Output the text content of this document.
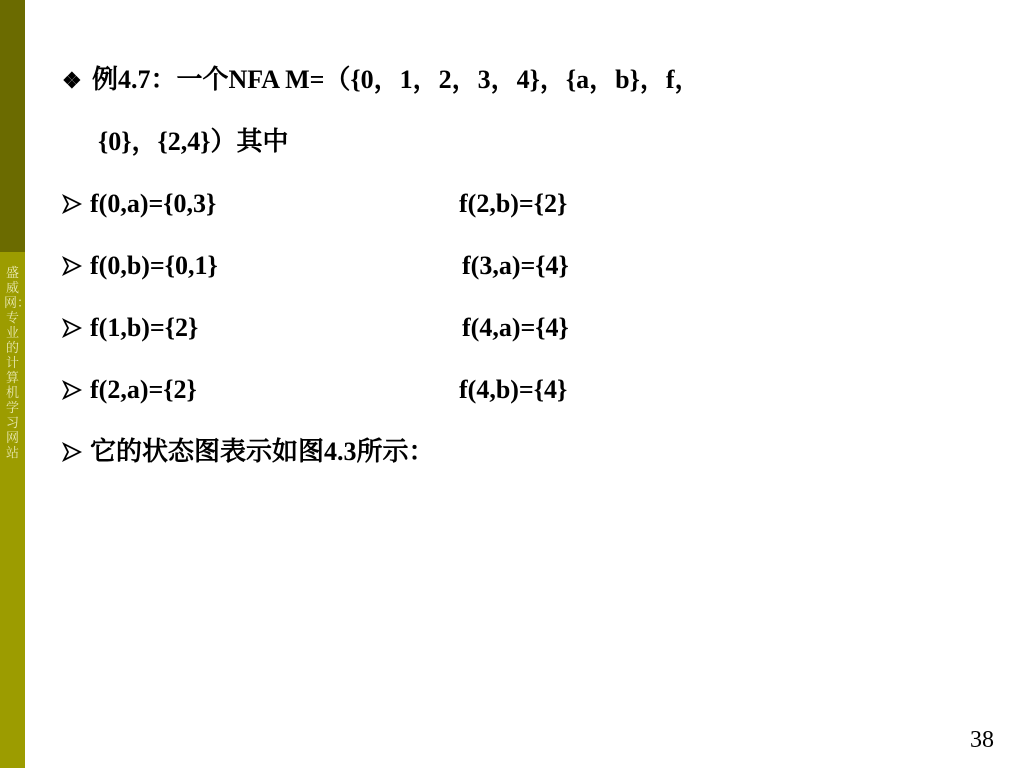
盛威网：专业的计算机学习网站
❖ 例4.7：一个NFA M=（{0，1，2，3，4}，{a，b}，f，
{0}，{2,4}）其中
f(0,a)={0,3}	f(2,b)={2}
f(0,b)={0,1}	f(3,a)={4}
f(1,b)={2}	f(4,a)={4}
f(2,a)={2}	f(4,b)={4}
它的状态图表示如图4.3所示：
38
